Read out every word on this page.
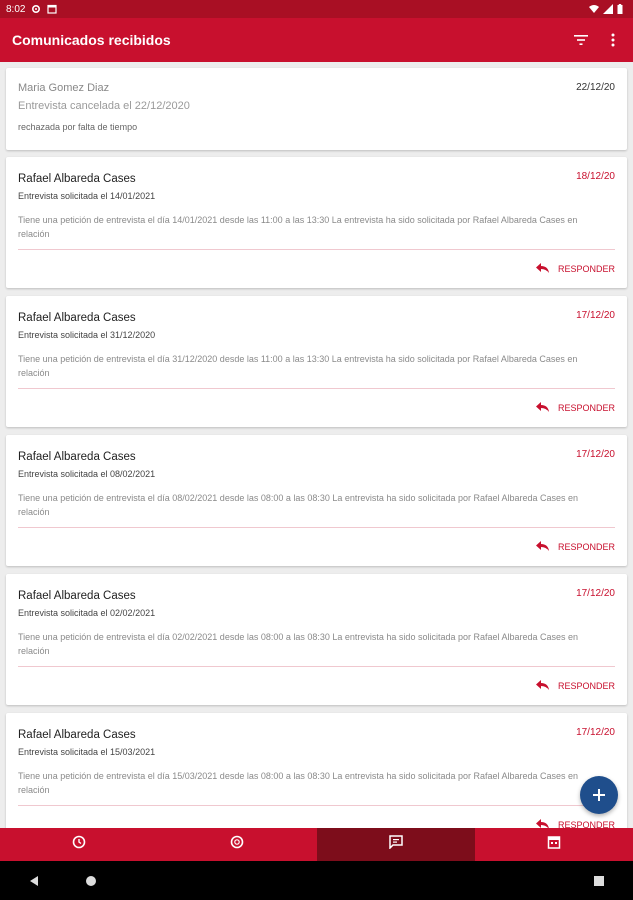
8:02
Comunicados recibidos
Maria Gomez Diaz	22/12/20
Entrevista cancelada el 22/12/2020
rechazada por falta de tiempo
Rafael Albareda Cases	18/12/20
Entrevista solicitada el 14/01/2021
Tiene una petición de entrevista el día 14/01/2021 desde las 11:00 a las 13:30 La entrevista ha sido solicitada por Rafael Albareda Cases en relación
RESPONDER
Rafael Albareda Cases	17/12/20
Entrevista solicitada el 31/12/2020
Tiene una petición de entrevista el día 31/12/2020 desde las 11:00 a las 13:30 La entrevista ha sido solicitada por Rafael Albareda Cases en relación
RESPONDER
Rafael Albareda Cases	17/12/20
Entrevista solicitada el 08/02/2021
Tiene una petición de entrevista el día 08/02/2021 desde las 08:00 a las 08:30 La entrevista ha sido solicitada por Rafael Albareda Cases en relación
RESPONDER
Rafael Albareda Cases	17/12/20
Entrevista solicitada el 02/02/2021
Tiene una petición de entrevista el día 02/02/2021 desde las 08:00 a las 08:30 La entrevista ha sido solicitada por Rafael Albareda Cases en relación
RESPONDER
Rafael Albareda Cases	17/12/20
Entrevista solicitada el 15/03/2021
Tiene una petición de entrevista el día 15/03/2021 desde las 08:00 a las 08:30 La entrevista ha sido solicitada por Rafael Albareda Cases en relación
RESPONDER
